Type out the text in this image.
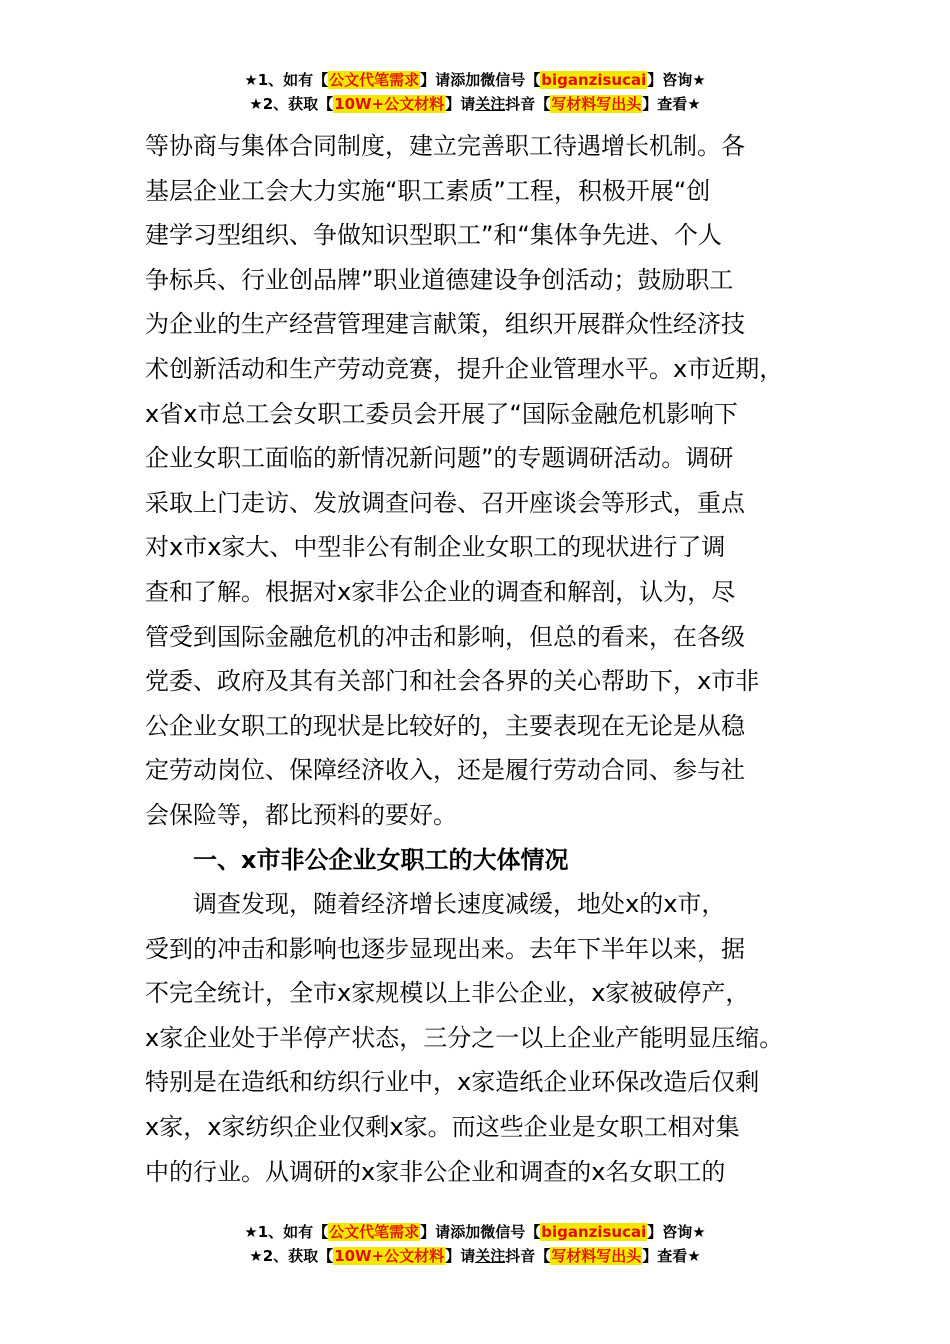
★1、如有【公文代笔需求】请添加微信号【biganzisucai】咨询★
★2、获取【10W+公文材料】请关注抖音【写材料写出头】查看★
等协商与集体合同制度，建立完善职工待遇增长机制。各
基层企业工会大力实施“职工素质”工程，积极开展“创
建学习型组织、争做知识型职工”和“集体争先进、个人
争标兵、行业创品牌”职业道德建设争创活动；鼓励职工
为企业的生产经营管理建言献策，组织开展群众性经济技
术创新活动和生产劳动竞赛，提升企业管理水平。x市近期，
x省x市总工会女职工委员会开展了“国际金融危机影响下
企业女职工面临的新情况新问题”的专题调研活动。调研
采取上门走访、发放调查问卷、召开座谈会等形式，重点
对x市x家大、中型非公有制企业女职工的现状进行了调
查和了解。根据对x家非公企业的调查和解剖，认为，尽
管受到国际金融危机的冲击和影响，但总的看来，在各级
党委、政府及其有关部门和社会各界的关心帮助下，x市非
公企业女职工的现状是比较好的，主要表现在无论是从稳
定劳动岗位、保障经济收入，还是履行劳动合同、参与社
会保险等，都比预料的要好。
一、x市非公企业女职工的大体情况
调查发现，随着经济增长速度减缓，地处x的x市，
受到的冲击和影响也逐步显现出来。去年下半年以来，据
不完全统计，全市x家规模以上非公企业，x家被破停产，
x家企业处于半停产状态，三分之一以上企业产能明显压缩。
特别是在造纸和纺织行业中，x家造纸企业环保改造后仅剩
x家，x家纺织企业仅剩x家。而这些企业是女职工相对集
中的行业。从调研的x家非公企业和调查的x名女职工的
★1、如有【公文代笔需求】请添加微信号【biganzisucai】咨询★
★2、获取【10W+公文材料】请关注抖音【写材料写出头】查看★
